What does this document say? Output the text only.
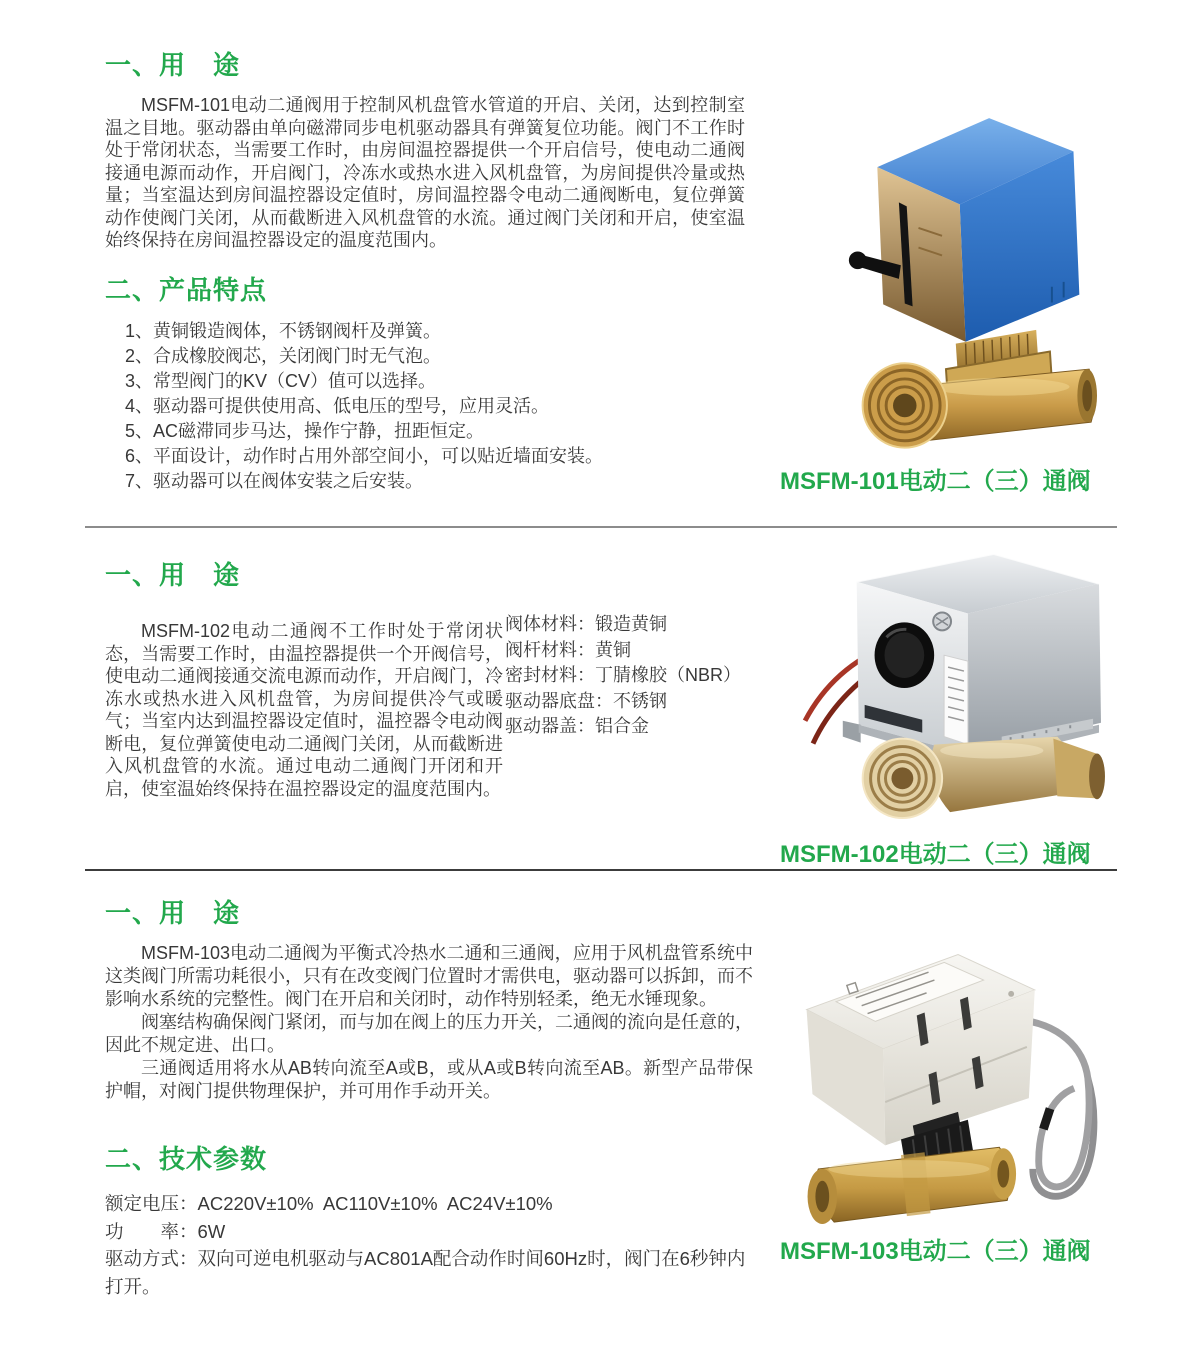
一、用　途

MSFM-101电动二通阀用于控制风机盘管水管道的开启、关闭，达到控制室温之目地。驱动器由单向磁滞同步电机驱动器具有弹簧复位功能。阀门不工作时处于常闭状态，当需要工作时，由房间温控器提供一个开启信号，使电动二通阀接通电源而动作，开启阀门，冷冻水或热水进入风机盘管，为房间提供冷量或热量；当室温达到房间温控器设定值时，房间温控器令电动二通阀断电，复位弹簧动作使阀门关闭，从而截断进入风机盘管的水流。通过阀门关闭和开启，使室温始终保持在房间温控器设定的温度范围内。

二、产品特点
1、黄铜锻造阀体，不锈钢阀杆及弹簧。
2、合成橡胶阀芯，关闭阀门时无气泡。
3、常型阀门的KV（CV）值可以选择。
4、驱动器可提供使用高、低电压的型号，应用灵活。
5、AC磁滞同步马达，操作宁静，扭距恒定。
6、平面设计，动作时占用外部空间小，可以贴近墙面安装。
7、驱动器可以在阀体安装之后安装。	MSFM-101电动二（三）通阀
一、用　途

MSFM-102电动二通阀不工作时处于常闭状态，当需要工作时，由温控器提供一个开阀信号，使电动二通阀接通交流电源而动作，开启阀门，冷冻水或热水进入风机盘管，为房间提供冷气或暖气；当室内达到温控器设定值时，温控器令电动阀断电，复位弹簧使电动二通阀门关闭，从而截断进入风机盘管的水流。通过电动二通阀门开闭和开启，使室温始终保持在温控器设定的温度范围内。

阀体材料：锻造黄铜
阀杆材料：黄铜
密封材料：丁腈橡胶（NBR）
驱动器底盘：不锈钢
驱动器盖：铝合金
MSFM-102电动二（三）通阀
一、用　途

MSFM-103电动二通阀为平衡式冷热水二通和三通阀，应用于风机盘管系统中这类阀门所需功耗很小，只有在改变阀门位置时才需供电，驱动器可以拆卸，而不影响水系统的完整性。阀门在开启和关闭时，动作特别轻柔，绝无水锤现象。

阀塞结构确保阀门紧闭，而与加在阀上的压力开关，二通阀的流向是任意的，因此不规定进、出口。

三通阀适用将水从AB转向流至A或B，或从A或B转向流至AB。新型产品带保护帽，对阀门提供物理保护，并可用作手动开关。

二、技术参数
额定电压：AC220V±10%  AC110V±10%  AC24V±10%
功　　率：6W
驱动方式：双向可逆电机驱动与AC801A配合动作时间60Hz时，阀门在6秒钟内打开。
MSFM-103电动二（三）通阀
